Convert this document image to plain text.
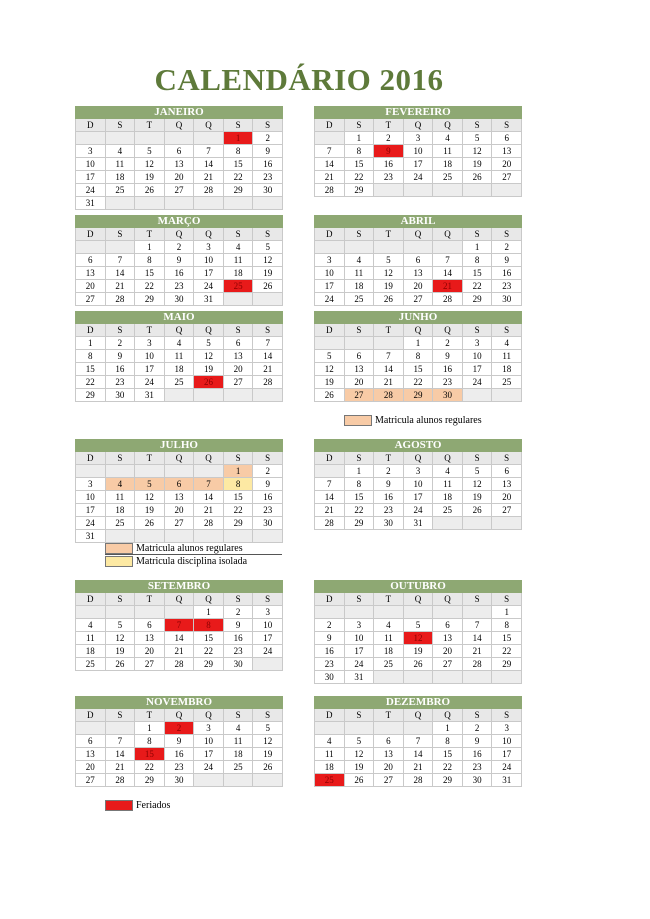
CALENDÁRIO 2016
JANEIRO
D	S	T	Q	Q	S	S
					1	2
3	4	5	6	7	8	9
10	11	12	13	14	15	16
17	18	19	20	21	22	23
24	25	26	27	28	29	30
31						
FEVEREIRO
D	S	T	Q	Q	S	S
	1	2	3	4	5	6
7	8	9	10	11	12	13
14	15	16	17	18	19	20
21	22	23	24	25	26	27
28	29					
MARÇO
D	S	T	Q	Q	S	S
		1	2	3	4	5
6	7	8	9	10	11	12
13	14	15	16	17	18	19
20	21	22	23	24	25	26
27	28	29	30	31		
ABRIL
D	S	T	Q	Q	S	S
					1	2
3	4	5	6	7	8	9
10	11	12	13	14	15	16
17	18	19	20	21	22	23
24	25	26	27	28	29	30
MAIO
D	S	T	Q	Q	S	S
1	2	3	4	5	6	7
8	9	10	11	12	13	14
15	16	17	18	19	20	21
22	23	24	25	26	27	28
29	30	31				
JUNHO
D	S	T	Q	Q	S	S
			1	2	3	4
5	6	7	8	9	10	11
12	13	14	15	16	17	18
19	20	21	22	23	24	25
26	27	28	29	30		
JULHO
D	S	T	Q	Q	S	S
					1	2
3	4	5	6	7	8	9
10	11	12	13	14	15	16
17	18	19	20	21	22	23
24	25	26	27	28	29	30
31						
AGOSTO
D	S	T	Q	Q	S	S
	1	2	3	4	5	6
7	8	9	10	11	12	13
14	15	16	17	18	19	20
21	22	23	24	25	26	27
28	29	30	31			
SETEMBRO
D	S	T	Q	Q	S	S
				1	2	3
4	5	6	7	8	9	10
11	12	13	14	15	16	17
18	19	20	21	22	23	24
25	26	27	28	29	30	
OUTUBRO
D	S	T	Q	Q	S	S
						1
2	3	4	5	6	7	8
9	10	11	12	13	14	15
16	17	18	19	20	21	22
23	24	25	26	27	28	29
30	31					
NOVEMBRO
D	S	T	Q	Q	S	S
		1	2	3	4	5
6	7	8	9	10	11	12
13	14	15	16	17	18	19
20	21	22	23	24	25	26
27	28	29	30			
DEZEMBRO
D	S	T	Q	Q	S	S
				1	2	3
4	5	6	7	8	9	10
11	12	13	14	15	16	17
18	19	20	21	22	23	24
25	26	27	28	29	30	31
Matricula alunos regulares
Matricula alunos regulares
Matricula disciplina isolada
Feriados
